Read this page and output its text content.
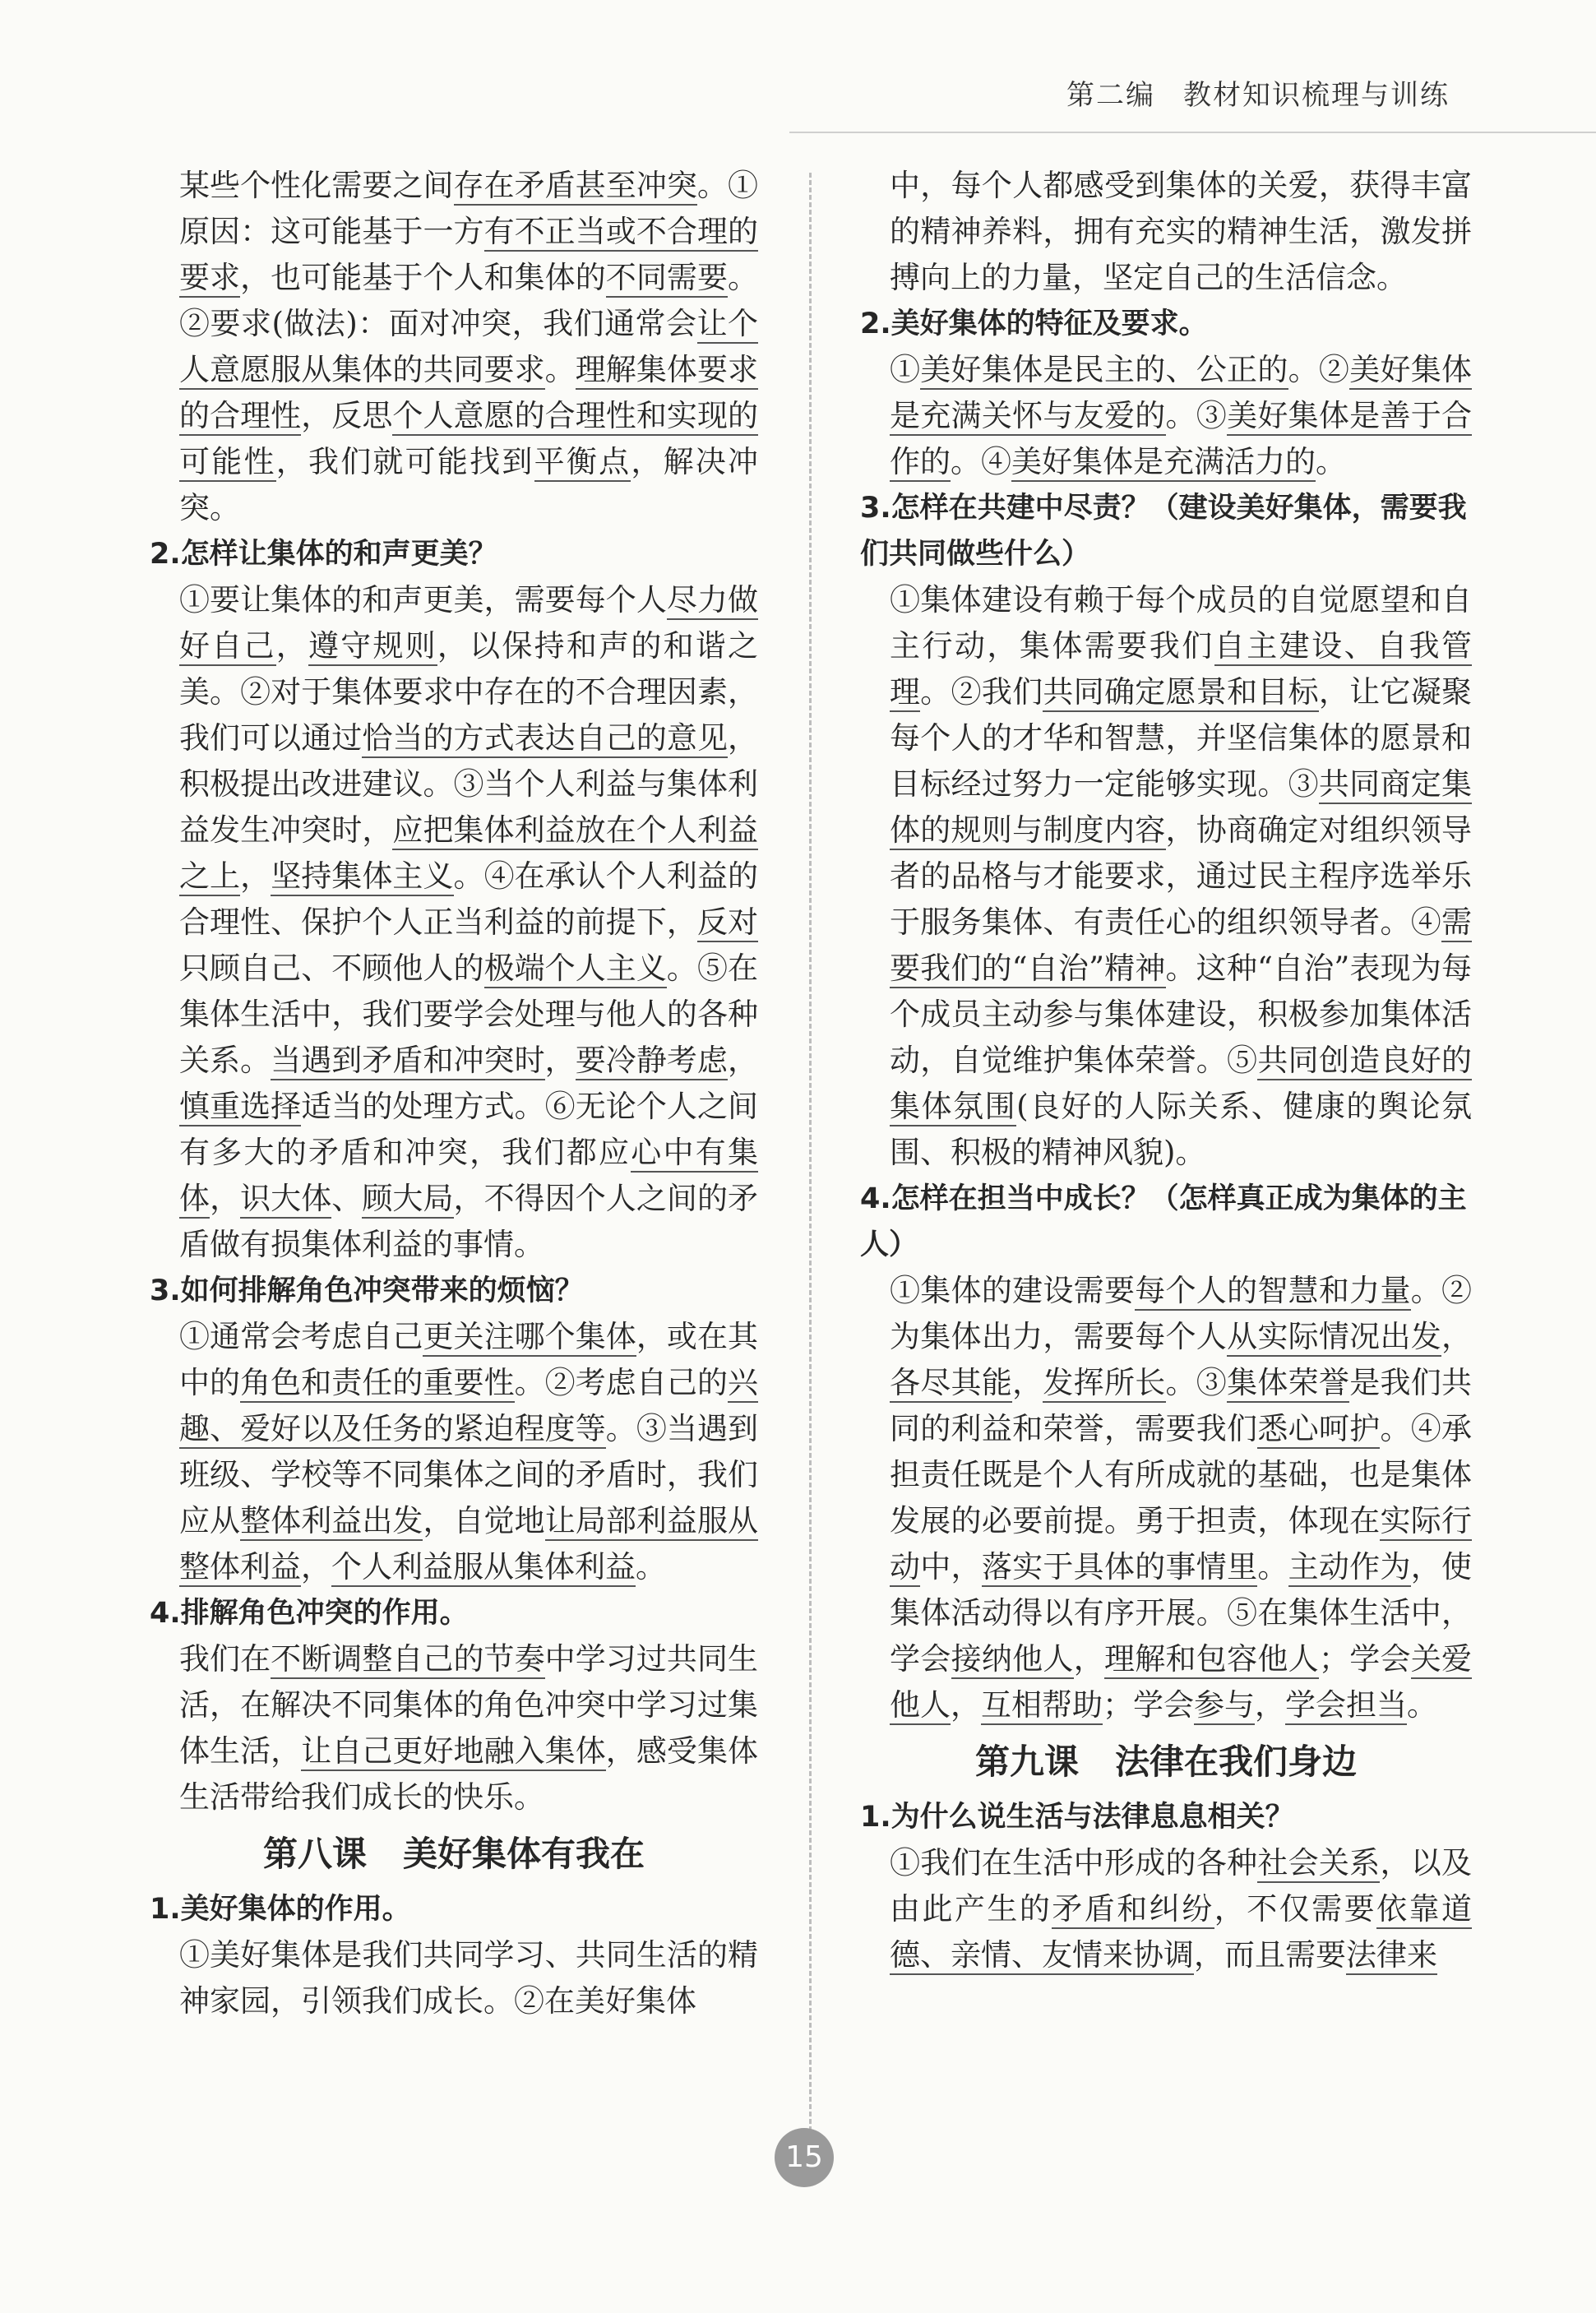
第二编 教材知识梳理与训练

某些个性化需要之间存在矛盾甚至冲突。①原因：这可能基于一方有不正当或不合理的要求，也可能基于个人和集体的不同需要。②要求(做法)：面对冲突，我们通常会让个人意愿服从集体的共同要求。理解集体要求的合理性，反思个人意愿的合理性和实现的可能性，我们就可能找到平衡点，解决冲突。

2.怎样让集体的和声更美？

①要让集体的和声更美，需要每个人尽力做好自己，遵守规则，以保持和声的和谐之美。②对于集体要求中存在的不合理因素，我们可以通过恰当的方式表达自己的意见，积极提出改进建议。③当个人利益与集体利益发生冲突时，应把集体利益放在个人利益之上，坚持集体主义。④在承认个人利益的合理性、保护个人正当利益的前提下，反对只顾自己、不顾他人的极端个人主义。⑤在集体生活中，我们要学会处理与他人的各种关系。当遇到矛盾和冲突时，要冷静考虑，慎重选择适当的处理方式。⑥无论个人之间有多大的矛盾和冲突，我们都应心中有集体，识大体、顾大局，不得因个人之间的矛盾做有损集体利益的事情。

3.如何排解角色冲突带来的烦恼？

①通常会考虑自己更关注哪个集体，或在其中的角色和责任的重要性。②考虑自己的兴趣、爱好以及任务的紧迫程度等。③当遇到班级、学校等不同集体之间的矛盾时，我们应从整体利益出发，自觉地让局部利益服从整体利益，个人利益服从集体利益。

4.排解角色冲突的作用。

我们在不断调整自己的节奏中学习过共同生活，在解决不同集体的角色冲突中学习过集体生活，让自己更好地融入集体，感受集体生活带给我们成长的快乐。

第八课 美好集体有我在

1.美好集体的作用。

①美好集体是我们共同学习、共同生活的精神家园，引领我们成长。②在美好集体

中，每个人都感受到集体的关爱，获得丰富的精神养料，拥有充实的精神生活，激发拼搏向上的力量，坚定自己的生活信念。

2.美好集体的特征及要求。

①美好集体是民主的、公正的。②美好集体是充满关怀与友爱的。③美好集体是善于合作的。④美好集体是充满活力的。

3.怎样在共建中尽责？（建设美好集体，需要我们共同做些什么）

①集体建设有赖于每个成员的自觉愿望和自主行动，集体需要我们自主建设、自我管理。②我们共同确定愿景和目标，让它凝聚每个人的才华和智慧，并坚信集体的愿景和目标经过努力一定能够实现。③共同商定集体的规则与制度内容，协商确定对组织领导者的品格与才能要求，通过民主程序选举乐于服务集体、有责任心的组织领导者。④需要我们的“自治”精神。这种“自治”表现为每个成员主动参与集体建设，积极参加集体活动，自觉维护集体荣誉。⑤共同创造良好的集体氛围(良好的人际关系、健康的舆论氛围、积极的精神风貌)。

4.怎样在担当中成长？（怎样真正成为集体的主人）

①集体的建设需要每个人的智慧和力量。②为集体出力，需要每个人从实际情况出发，各尽其能，发挥所长。③集体荣誉是我们共同的利益和荣誉，需要我们悉心呵护。④承担责任既是个人有所成就的基础，也是集体发展的必要前提。勇于担责，体现在实际行动中，落实于具体的事情里。主动作为，使集体活动得以有序开展。⑤在集体生活中，学会接纳他人，理解和包容他人；学会关爱他人，互相帮助；学会参与，学会担当。

第九课 法律在我们身边

1.为什么说生活与法律息息相关？

①我们在生活中形成的各种社会关系，以及由此产生的矛盾和纠纷，不仅需要依靠道德、亲情、友情来协调，而且需要法律来

15
